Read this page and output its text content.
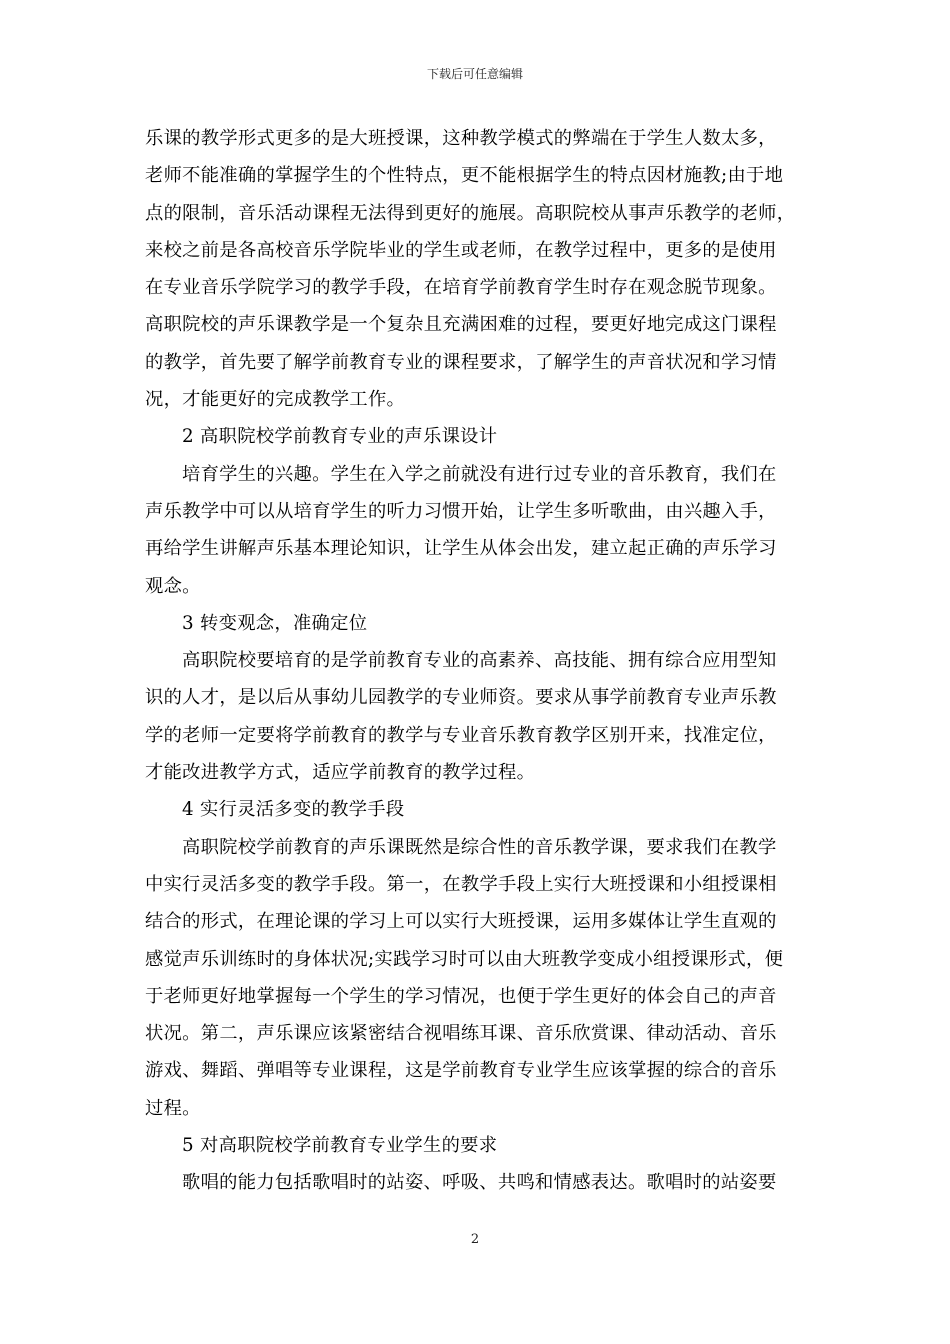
下载后可任意编辑
乐课的教学形式更多的是大班授课，这种教学模式的弊端在于学生人数太多，
老师不能准确的掌握学生的个性特点，更不能根据学生的特点因材施教;由于地
点的限制，音乐活动课程无法得到更好的施展。高职院校从事声乐教学的老师，
来校之前是各高校音乐学院毕业的学生或老师，在教学过程中，更多的是使用
在专业音乐学院学习的教学手段，在培育学前教育学生时存在观念脱节现象。
高职院校的声乐课教学是一个复杂且充满困难的过程，要更好地完成这门课程
的教学，首先要了解学前教育专业的课程要求，了解学生的声音状况和学习情
况，才能更好的完成教学工作。
2 高职院校学前教育专业的声乐课设计
培育学生的兴趣。学生在入学之前就没有进行过专业的音乐教育，我们在
声乐教学中可以从培育学生的听力习惯开始，让学生多听歌曲，由兴趣入手，
再给学生讲解声乐基本理论知识，让学生从体会出发，建立起正确的声乐学习
观念。
3 转变观念，准确定位
高职院校要培育的是学前教育专业的高素养、高技能、拥有综合应用型知
识的人才，是以后从事幼儿园教学的专业师资。要求从事学前教育专业声乐教
学的老师一定要将学前教育的教学与专业音乐教育教学区别开来，找准定位，
才能改进教学方式，适应学前教育的教学过程。
4 实行灵活多变的教学手段
高职院校学前教育的声乐课既然是综合性的音乐教学课，要求我们在教学
中实行灵活多变的教学手段。第一，在教学手段上实行大班授课和小组授课相
结合的形式，在理论课的学习上可以实行大班授课，运用多媒体让学生直观的
感觉声乐训练时的身体状况;实践学习时可以由大班教学变成小组授课形式，便
于老师更好地掌握每一个学生的学习情况，也便于学生更好的体会自己的声音
状况。第二，声乐课应该紧密结合视唱练耳课、音乐欣赏课、律动活动、音乐
游戏、舞蹈、弹唱等专业课程，这是学前教育专业学生应该掌握的综合的音乐
过程。
5 对高职院校学前教育专业学生的要求
歌唱的能力包括歌唱时的站姿、呼吸、共鸣和情感表达。歌唱时的站姿要
2
